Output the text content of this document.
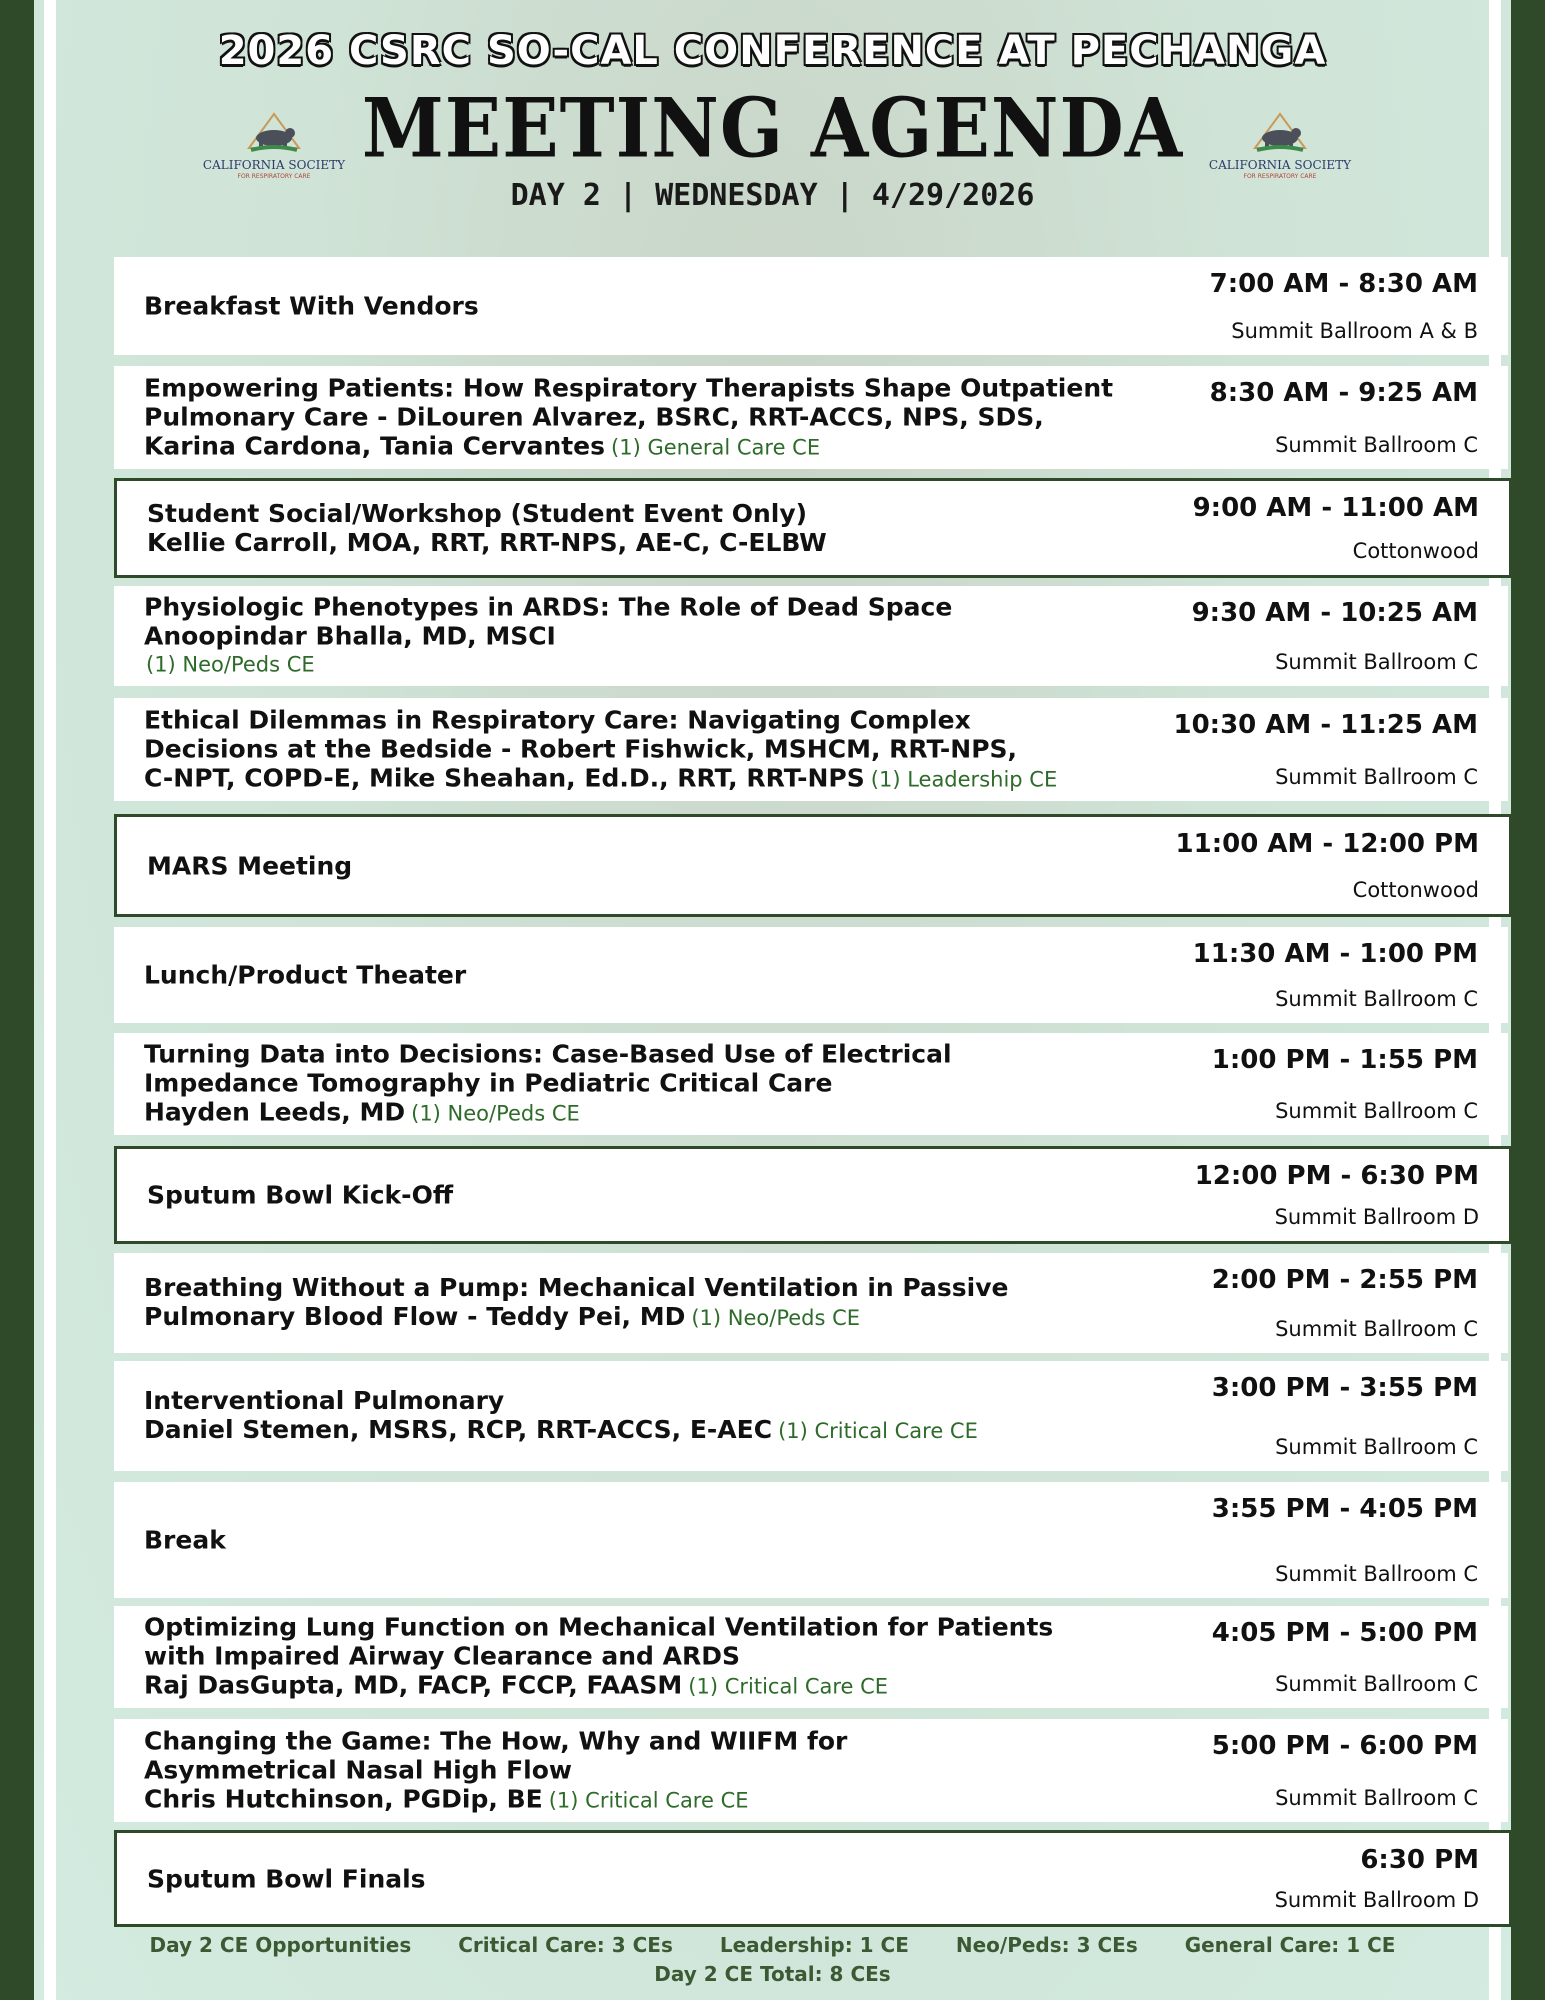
2026 CSRC SO-CAL CONFERENCE AT PECHANGA
MEETING AGENDA
DAY 2 | WEDNESDAY | 4/29/2026
CALIFORNIA SOCIETY
FOR RESPIRATORY CARE
CALIFORNIA SOCIETY
FOR RESPIRATORY CARE
Breakfast With Vendors
7:00 AM - 8:30 AM
Summit Ballroom A & B
Empowering Patients: How Respiratory Therapists Shape Outpatient
Pulmonary Care - DiLouren Alvarez, BSRC, RRT-ACCS, NPS, SDS,
Karina Cardona, Tania Cervantes (1) General Care CE
8:30 AM - 9:25 AM
Summit Ballroom C
Student Social/Workshop (Student Event Only)
Kellie Carroll, MOA, RRT, RRT-NPS, AE-C, C-ELBW
9:00 AM - 11:00 AM
Cottonwood
Physiologic Phenotypes in ARDS: The Role of Dead Space
Anoopindar Bhalla, MD, MSCI
(1) Neo/Peds CE
9:30 AM - 10:25 AM
Summit Ballroom C
Ethical Dilemmas in Respiratory Care: Navigating Complex
Decisions at the Bedside - Robert Fishwick, MSHCM, RRT-NPS,
C-NPT, COPD-E, Mike Sheahan, Ed.D., RRT, RRT-NPS (1) Leadership CE
10:30 AM - 11:25 AM
Summit Ballroom C
MARS Meeting
11:00 AM - 12:00 PM
Cottonwood
Lunch/Product Theater
11:30 AM - 1:00 PM
Summit Ballroom C
Turning Data into Decisions: Case-Based Use of Electrical
Impedance Tomography in Pediatric Critical Care
Hayden Leeds, MD (1) Neo/Peds CE
1:00 PM - 1:55 PM
Summit Ballroom C
Sputum Bowl Kick-Off
12:00 PM - 6:30 PM
Summit Ballroom D
Breathing Without a Pump: Mechanical Ventilation in Passive
Pulmonary Blood Flow - Teddy Pei, MD (1) Neo/Peds CE
2:00 PM - 2:55 PM
Summit Ballroom C
Interventional Pulmonary
Daniel Stemen, MSRS, RCP, RRT-ACCS, E-AEC (1) Critical Care CE
3:00 PM - 3:55 PM
Summit Ballroom C
Break
3:55 PM - 4:05 PM
Summit Ballroom C
Optimizing Lung Function on Mechanical Ventilation for Patients
with Impaired Airway Clearance and ARDS
Raj DasGupta, MD, FACP, FCCP, FAASM (1) Critical Care CE
4:05 PM - 5:00 PM
Summit Ballroom C
Changing the Game: The How, Why and WIIFM for
Asymmetrical Nasal High Flow
Chris Hutchinson, PGDip, BE (1) Critical Care CE
5:00 PM - 6:00 PM
Summit Ballroom C
Sputum Bowl Finals
6:30 PM
Summit Ballroom D
Day 2 CE Opportunities Critical Care: 3 CEs Leadership: 1 CE Neo/Peds: 3 CEs General Care: 1 CE
Day 2 CE Total: 8 CEs
